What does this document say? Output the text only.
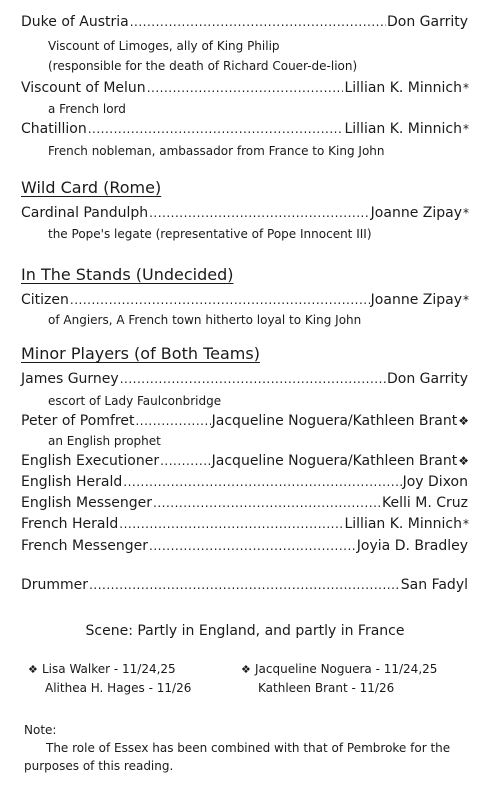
Duke of Austria .....	Don Garrity
Viscount of Limoges, ally of King Philip
(responsible for the death of Richard Couer-de-lion)
Viscount of Melun .....	Lillian K. Minnich*
a French lord
Chatillion .....	Lillian K. Minnich*
French nobleman, ambassador from France to King John
Wild Card (Rome)
Cardinal Pandulph .....	Joanne Zipay*
the Pope's legate (representative of Pope Innocent III)
In The Stands (Undecided)
Citizen .....	Joanne Zipay*
of Angiers, A French town hitherto loyal to King John
Minor Players (of Both Teams)
James Gurney .....	Don Garrity
escort of Lady Faulconbridge
Peter of Pomfret .....	Jacqueline Noguera/Kathleen Brant❖
an English prophet
English Executioner .....	Jacqueline Noguera/Kathleen Brant❖
English Herald .....	Joy Dixon
English Messenger .....	Kelli M. Cruz
French Herald .....	Lillian K. Minnich*
French Messenger .....	Joyia D. Bradley
Drummer .....	San Fadyl
Scene: Partly in England, and partly in France
❖ Lisa Walker - 11/24,25
Alithea H. Hages - 11/26
❖ Jacqueline Noguera - 11/24,25
Kathleen Brant - 11/26
Note:
The role of Essex has been combined with that of Pembroke for the purposes of this reading.
